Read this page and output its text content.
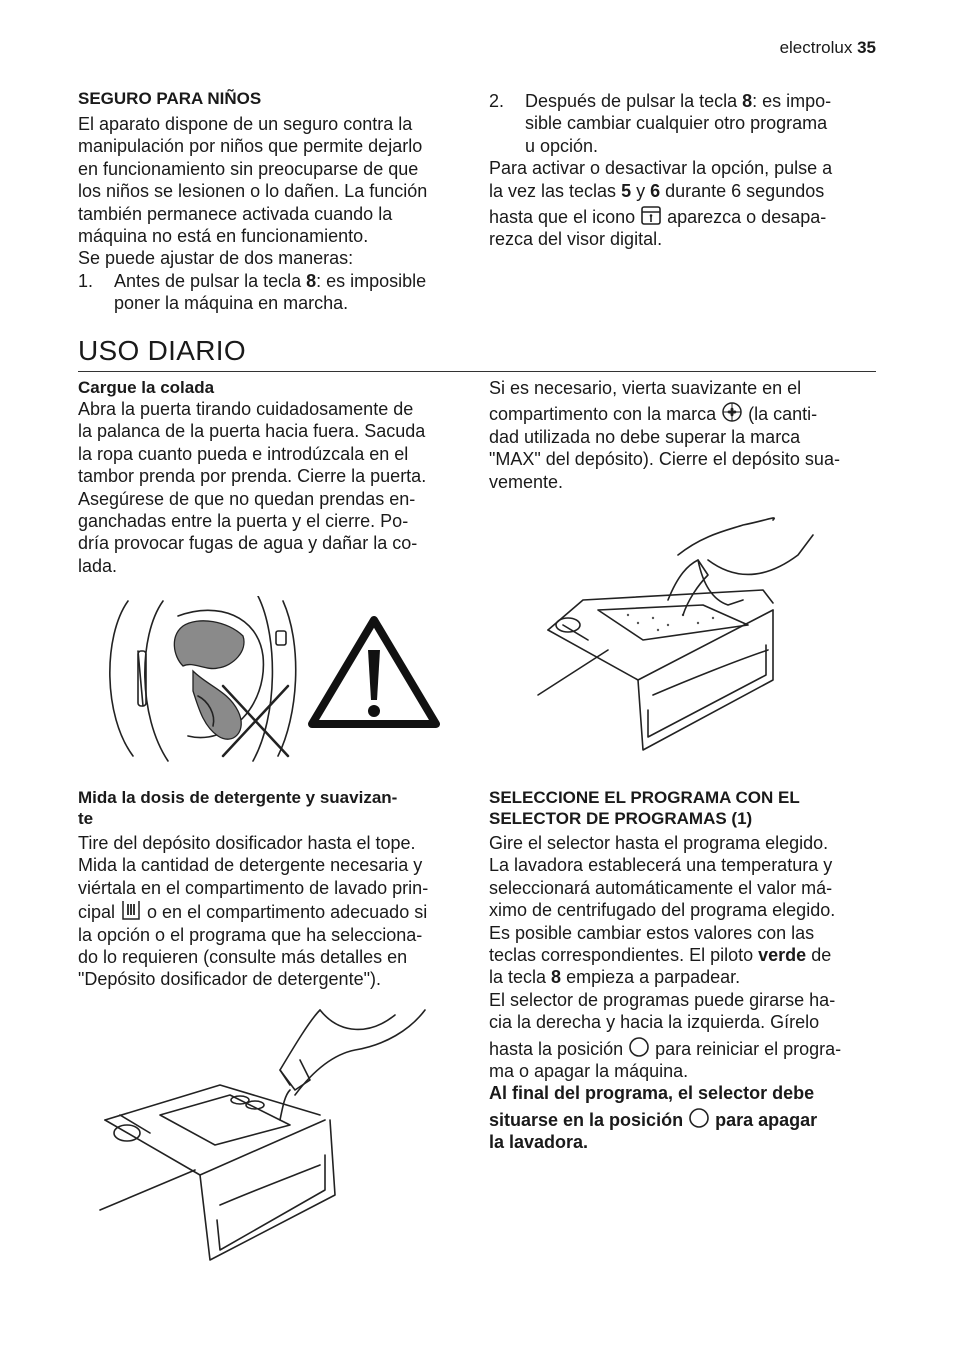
electrolux 35
SEGURO PARA NIÑOS
El aparato dispone de un seguro contra la
manipulación por niños que permite dejarlo
en funcionamiento sin preocuparse de que
los niños se lesionen o lo dañen. La función
también permanece activada cuando la
máquina no está en funcionamiento.
Se puede ajustar de dos maneras:
1. Antes de pulsar la tecla 8: es imposible
poner la máquina en marcha.
2. Después de pulsar la tecla 8: es impo-
sible cambiar cualquier otro programa
u opción.
Para activar o desactivar la opción, pulse a
la vez las teclas 5 y 6 durante 6 segundos
hasta que el icono  aparezca o desapa-
rezca del visor digital.
USO DIARIO
Cargue la colada
Abra la puerta tirando cuidadosamente de
la palanca de la puerta hacia fuera. Sacuda
la ropa cuanto pueda e introdúzcala en el
tambor prenda por prenda. Cierre la puerta.
Asegúrese de que no quedan prendas en-
ganchadas entre la puerta y el cierre. Po-
dría provocar fugas de agua y dañar la co-
lada.
Si es necesario, vierta suavizante en el
compartimento con la marca  (la canti-
dad utilizada no debe superar la marca
"MAX" del depósito). Cierre el depósito sua-
vemente.
Mida la dosis de detergente y suavizan-
te
Tire del depósito dosificador hasta el tope.
Mida la cantidad de detergente necesaria y
viértala en el compartimento de lavado prin-
cipal  o en el compartimento adecuado si
la opción o el programa que ha selecciona-
do lo requieren (consulte más detalles en
"Depósito dosificador de detergente").
SELECCIONE EL PROGRAMA CON EL
SELECTOR DE PROGRAMAS (1)
Gire el selector hasta el programa elegido.
La lavadora establecerá una temperatura y
seleccionará automáticamente el valor má-
ximo de centrifugado del programa elegido.
Es posible cambiar estos valores con las
teclas correspondientes. El piloto verde de
la tecla 8 empieza a parpadear.
El selector de programas puede girarse ha-
cia la derecha y hacia la izquierda. Gírelo
hasta la posición  para reiniciar el progra-
ma o apagar la máquina.
Al final del programa, el selector debe
situarse en la posición  para apagar
la lavadora.
